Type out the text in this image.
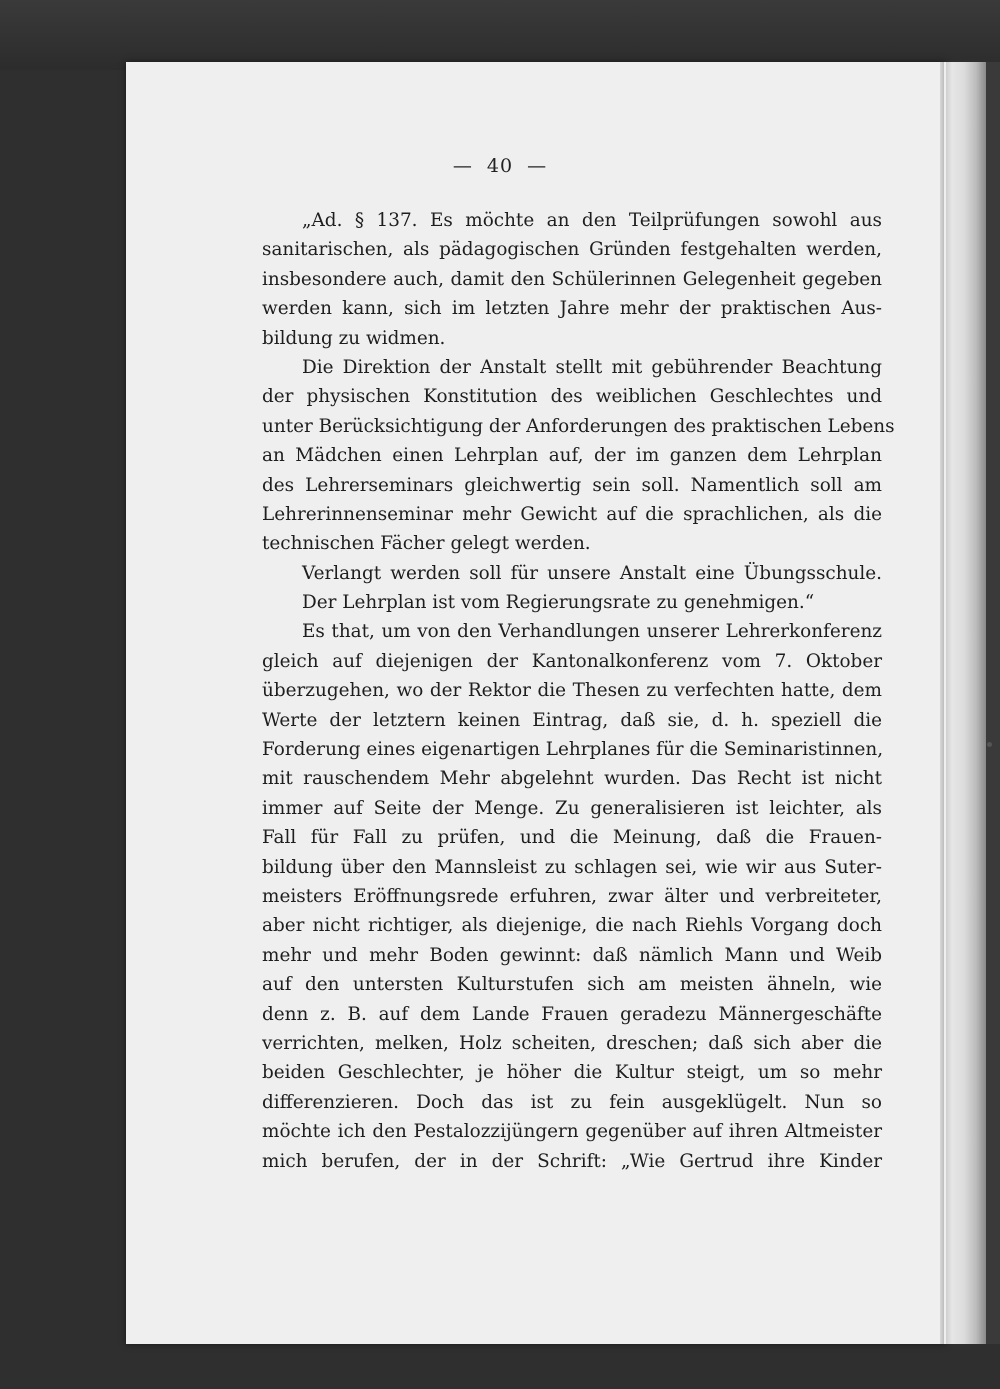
— 40 —
„Ad. § 137. Es möchte an den Teilprüfungen sowohl aus
sanitarischen, als pädagogischen Gründen festgehalten werden,
insbesondere auch, damit den Schülerinnen Gelegenheit gegeben
werden kann, sich im letzten Jahre mehr der praktischen Aus-
bildung zu widmen.
Die Direktion der Anstalt stellt mit gebührender Beachtung
der physischen Konstitution des weiblichen Geschlechtes und
unter Berücksichtigung der Anforderungen des praktischen Lebens
an Mädchen einen Lehrplan auf, der im ganzen dem Lehrplan
des Lehrerseminars gleichwertig sein soll. Namentlich soll am
Lehrerinnenseminar mehr Gewicht auf die sprachlichen, als die
technischen Fächer gelegt werden.
Verlangt werden soll für unsere Anstalt eine Übungsschule.
Der Lehrplan ist vom Regierungsrate zu genehmigen.“
Es that, um von den Verhandlungen unserer Lehrerkonferenz
gleich auf diejenigen der Kantonalkonferenz vom 7. Oktober
überzugehen, wo der Rektor die Thesen zu verfechten hatte, dem
Werte der letztern keinen Eintrag, daß sie, d. h. speziell die
Forderung eines eigenartigen Lehrplanes für die Seminaristinnen,
mit rauschendem Mehr abgelehnt wurden. Das Recht ist nicht
immer auf Seite der Menge. Zu generalisieren ist leichter, als
Fall für Fall zu prüfen, und die Meinung, daß die Frauen-
bildung über den Mannsleist zu schlagen sei, wie wir aus Suter-
meisters Eröffnungsrede erfuhren, zwar älter und verbreiteter,
aber nicht richtiger, als diejenige, die nach Riehls Vorgang doch
mehr und mehr Boden gewinnt: daß nämlich Mann und Weib
auf den untersten Kulturstufen sich am meisten ähneln, wie
denn z. B. auf dem Lande Frauen geradezu Männergeschäfte
verrichten, melken, Holz scheiten, dreschen; daß sich aber die
beiden Geschlechter, je höher die Kultur steigt, um so mehr
differenzieren. Doch das ist zu fein ausgeklügelt. Nun so
möchte ich den Pestalozzijüngern gegenüber auf ihren Altmeister
mich berufen, der in der Schrift: „Wie Gertrud ihre Kinder
